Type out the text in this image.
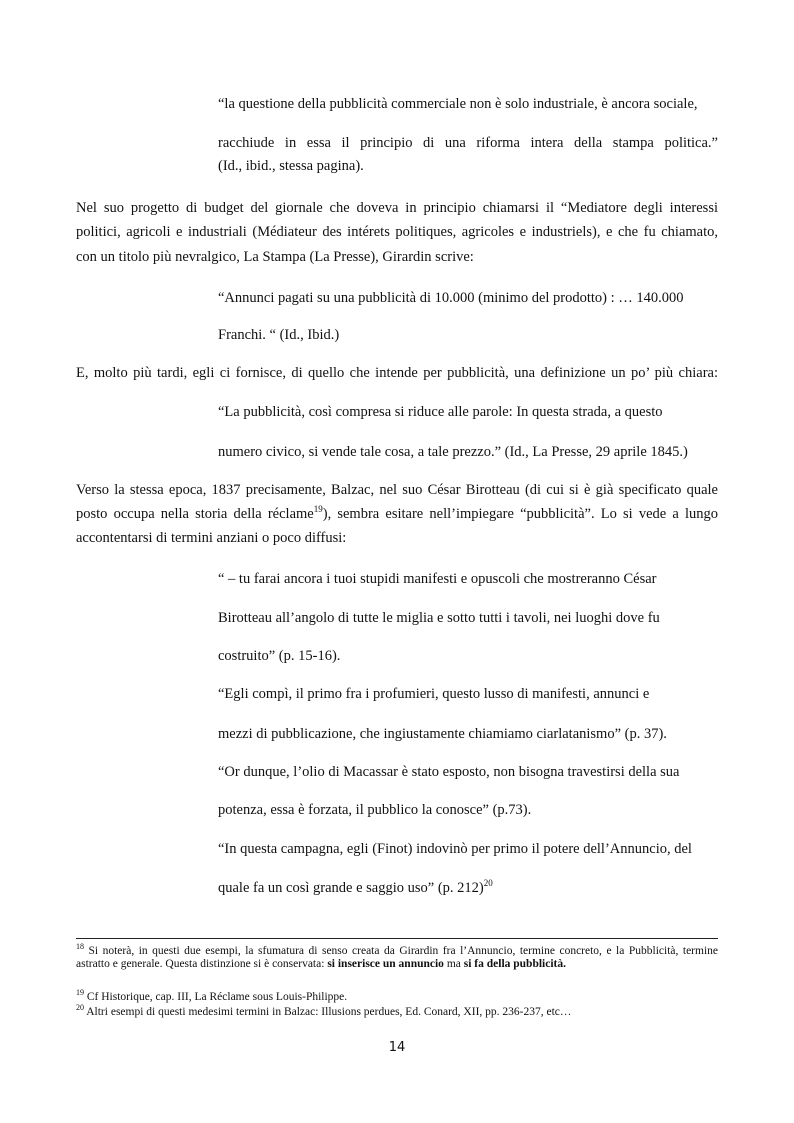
“la questione della pubblicità commerciale non è solo industriale, è ancora sociale,
racchiude in essa il principio di una riforma intera della stampa politica.”
(Id., ibid., stessa pagina).
Nel suo progetto di budget del giornale che doveva in principio chiamarsi il “Mediatore degli interessi
politici, agricoli e industriali (Médiateur des intérets politiques, agricoles e industriels), e che fu chiamato,
con un titolo più nevralgico, La Stampa (La Presse), Girardin scrive:
“Annunci pagati su una pubblicità di 10.000 (minimo del prodotto) : … 140.000
Franchi. “ (Id., Ibid.)
E, molto più tardi, egli ci fornisce, di quello che intende per pubblicità, una definizione un po’ più chiara:
“La pubblicità, così compresa si riduce alle parole: In questa strada, a questo
numero civico, si vende tale cosa, a tale prezzo.” (Id., La Presse, 29 aprile 1845.)
Verso la stessa epoca, 1837 precisamente, Balzac, nel suo César Birotteau (di cui si è già specificato quale
posto occupa nella storia della réclame$^{19}$), sembra esitare nell’impiegare “pubblicità”. Lo si vede a lungo
accontentarsi di termini anziani o poco diffusi:
“ – tu farai ancora i tuoi stupidi manifesti e opuscoli che mostreranno César
Birotteau all’angolo di tutte le miglia e sotto tutti i tavoli, nei luoghi dove fu
costruito” (p. 15-16).
“Egli compì, il primo fra i profumieri, questo lusso di manifesti, annunci e
mezzi di pubblicazione, che ingiustamente chiamiamo ciarlatanismo” (p. 37).
“Or dunque, l’olio di Macassar è stato esposto, non bisogna travestirsi della sua
potenza, essa è forzata, il pubblico la conosce” (p.73).
“In questa campagna, egli (Finot) indovinò per primo il potere dell’Annuncio, del
quale fa un così grande e saggio uso” (p. 212)$^{20}$
$^{18}$ Si noterà, in questi due esempi, la sfumatura di senso creata da Girardin fra l’Annuncio, termine concreto, e la Pubblicità, termine astratto e generale. Questa distinzione si è conservata: si inserisce un annuncio ma si fa della pubblicità.
$^{19}$ Cf Historique, cap. III, La Réclame sous Louis-Philippe.
$^{20}$ Altri esempi di questi medesimi termini in Balzac: Illusions perdues, Ed. Conard, XII, pp. 236-237, etc…
14
